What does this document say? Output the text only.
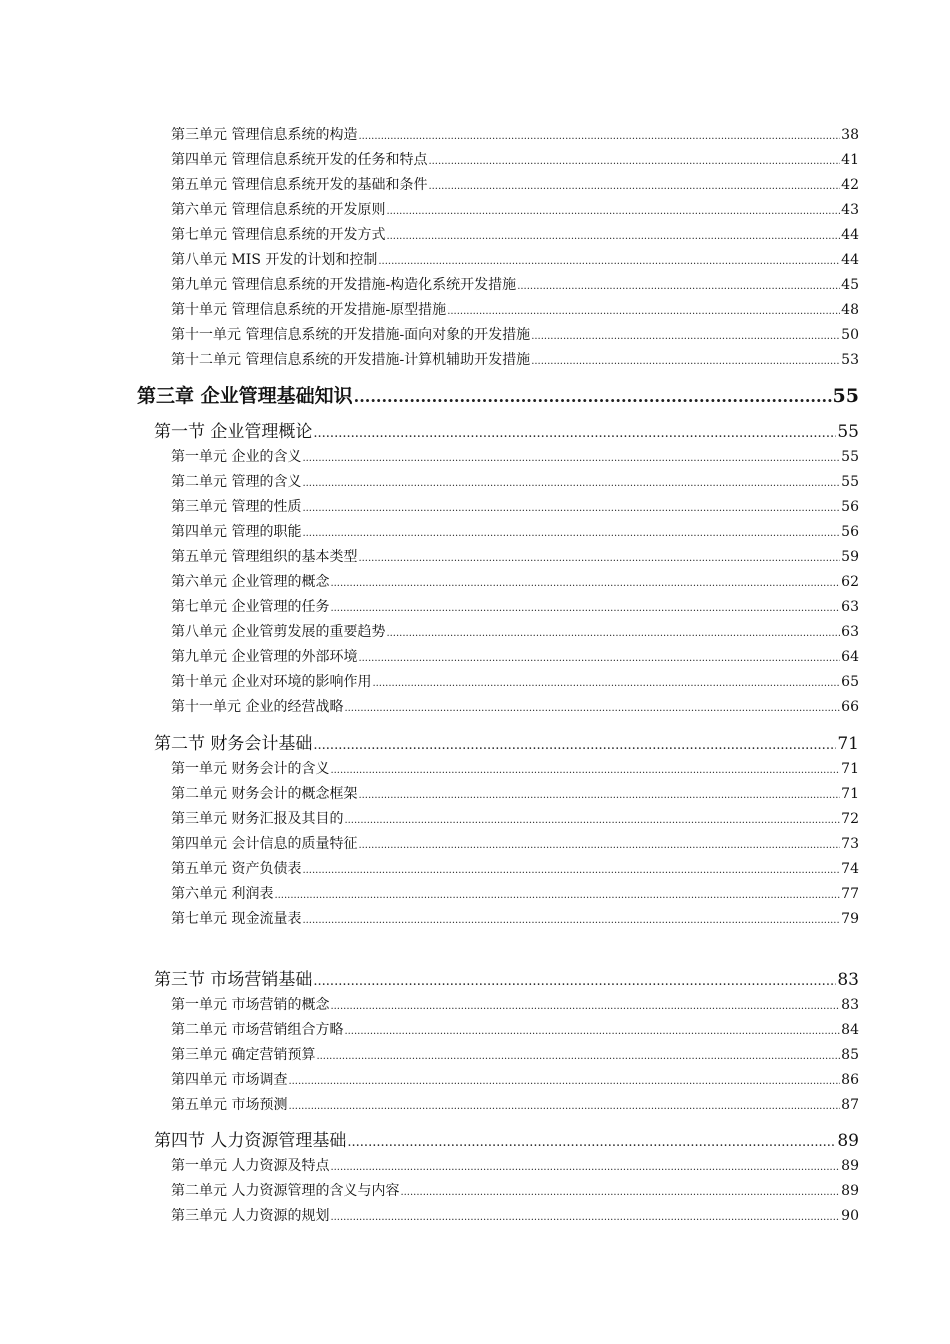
第三单元 管理信息系统的构造 .....	38
第四单元 管理信息系统开发的任务和特点 .....	41
第五单元 管理信息系统开发的基础和条件 .....	42
第六单元 管理信息系统的开发原则 .....	43
第七单元 管理信息系统的开发方式 .....	44
第八单元 MIS 开发的计划和控制 .....	44
第九单元 管理信息系统的开发措施-构造化系统开发措施 .....	45
第十单元 管理信息系统的开发措施-原型措施 .....	48
第十一单元 管理信息系统的开发措施-面向对象的开发措施 .....	50
第十二单元 管理信息系统的开发措施-计算机辅助开发措施 .....	53
第三章 企业管理基础知识 .....	55
第一节 企业管理概论 .....	55
第一单元 企业的含义 .....	55
第二单元 管理的含义 .....	55
第三单元 管理的性质 .....	56
第四单元 管理的职能 .....	56
第五单元 管理组织的基本类型 .....	59
第六单元 企业管理的概念 .....	62
第七单元 企业管理的任务 .....	63
第八单元 企业管剪发展的重要趋势 .....	63
第九单元 企业管理的外部环境 .....	64
第十单元 企业对环境的影响作用 .....	65
第十一单元 企业的经营战略 .....	66
第二节 财务会计基础 .....	71
第一单元 财务会计的含义 .....	71
第二单元 财务会计的概念框架 .....	71
第三单元 财务汇报及其目的 .....	72
第四单元 会计信息的质量特征 .....	73
第五单元 资产负债表 .....	74
第六单元 利润表 .....	77
第七单元 现金流量表 .....	79
第三节 市场营销基础 .....	83
第一单元 市场营销的概念 .....	83
第二单元 市场营销组合方略 .....	84
第三单元 确定营销预算 .....	85
第四单元 市场调查 .....	86
第五单元 市场预测 .....	87
第四节 人力资源管理基础 .....	89
第一单元 人力资源及特点 .....	89
第二单元 人力资源管理的含义与内容 .....	89
第三单元 人力资源的规划 .....	90
